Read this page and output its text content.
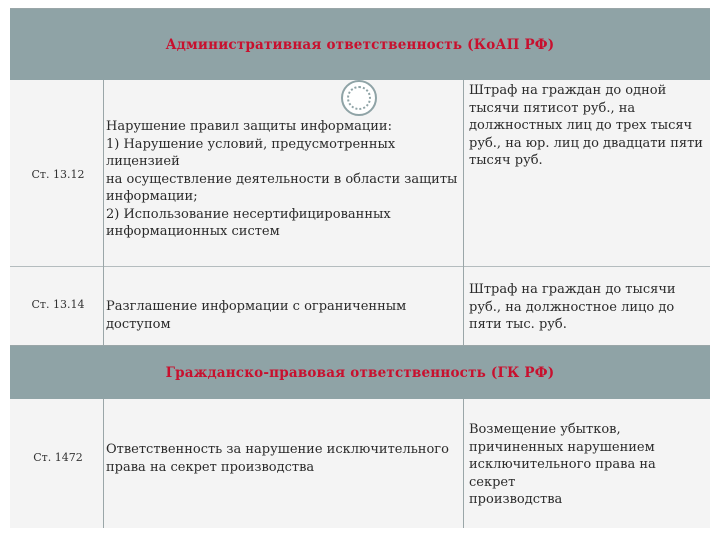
Административная ответственность (КоАП РФ)
Гражданско-правовая ответственность (ГК РФ)
Ст. 13.12
Нарушение правил защиты информации:
1) Нарушение условий, предусмотренных лицензией
на осуществление деятельности в области защиты
информации;
2) Использование несертифицированных
информационных систем
Штраф на граждан до одной
тысячи пятисот руб., на
должностных лиц до трех тысяч
руб., на юр. лиц до двадцати пяти
тысяч руб.
Ст. 13.14	Разглашение информации с ограниченным доступом
Штраф на граждан до тысячи
руб., на должностное лицо до
пяти тыс. руб.
Ст. 1472
Ответственность за нарушение исключительного
права на секрет производства
Возмещение убытков,
причиненных нарушением
исключительного права на секрет
производства
